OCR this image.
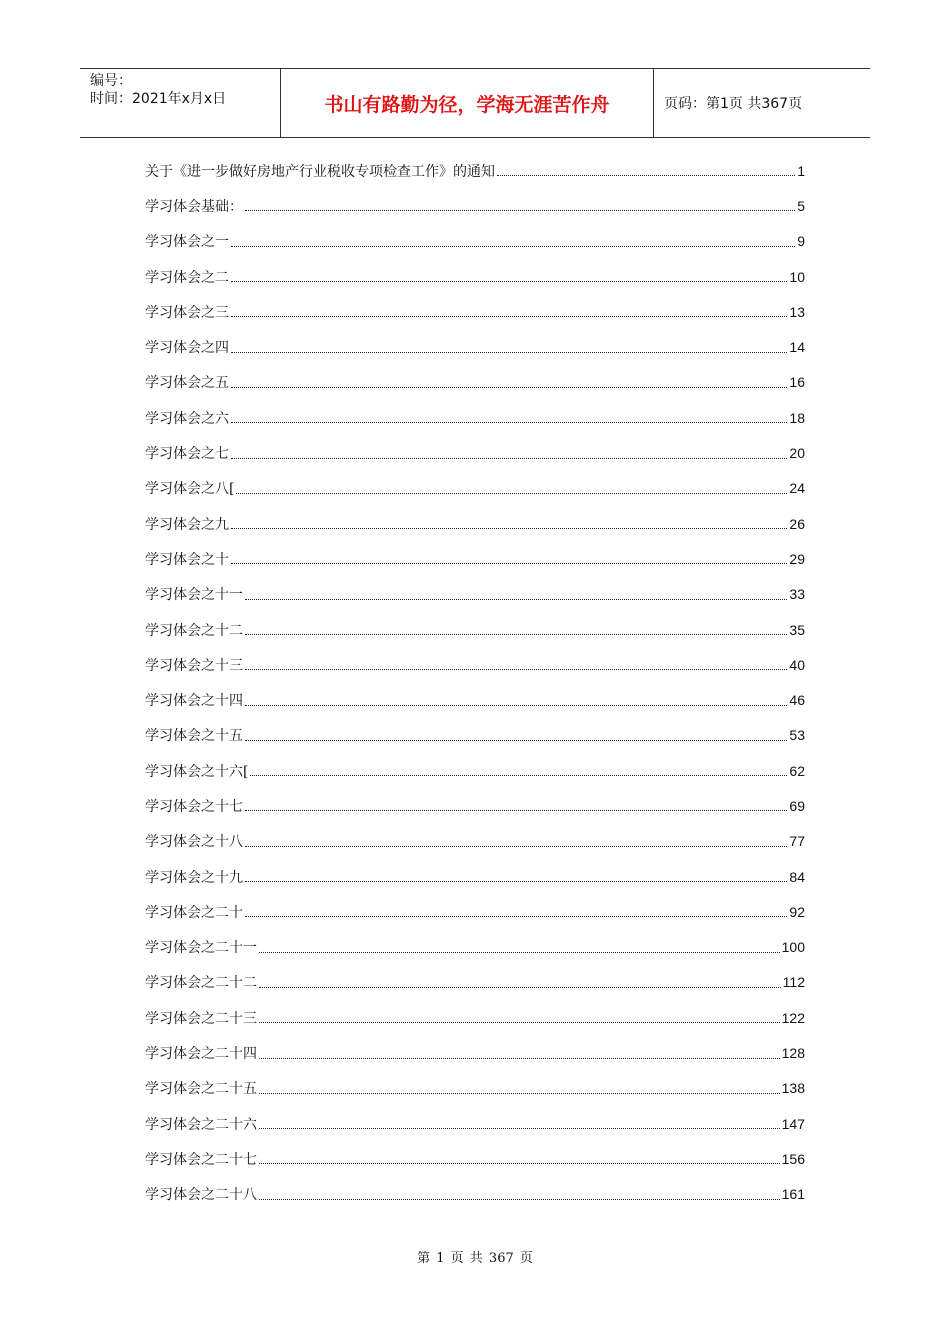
编号：
时间：2021年x月x日	书山有路勤为径，学海无涯苦作舟	页码：第1页 共367页
关于《进一步做好房地产行业税收专项检查工作》的通知	1
学习体会基础：	5
学习体会之一	9
学习体会之二	10
学习体会之三	13
学习体会之四	14
学习体会之五	16
学习体会之六	18
学习体会之七	20
学习体会之八[	24
学习体会之九	26
学习体会之十	29
学习体会之十一	33
学习体会之十二	35
学习体会之十三	40
学习体会之十四	46
学习体会之十五	53
学习体会之十六[	62
学习体会之十七	69
学习体会之十八	77
学习体会之十九	84
学习体会之二十	92
学习体会之二十一	100
学习体会之二十二	112
学习体会之二十三	122
学习体会之二十四	128
学习体会之二十五	138
学习体会之二十六	147
学习体会之二十七	156
学习体会之二十八	161
第 1 页 共 367 页
